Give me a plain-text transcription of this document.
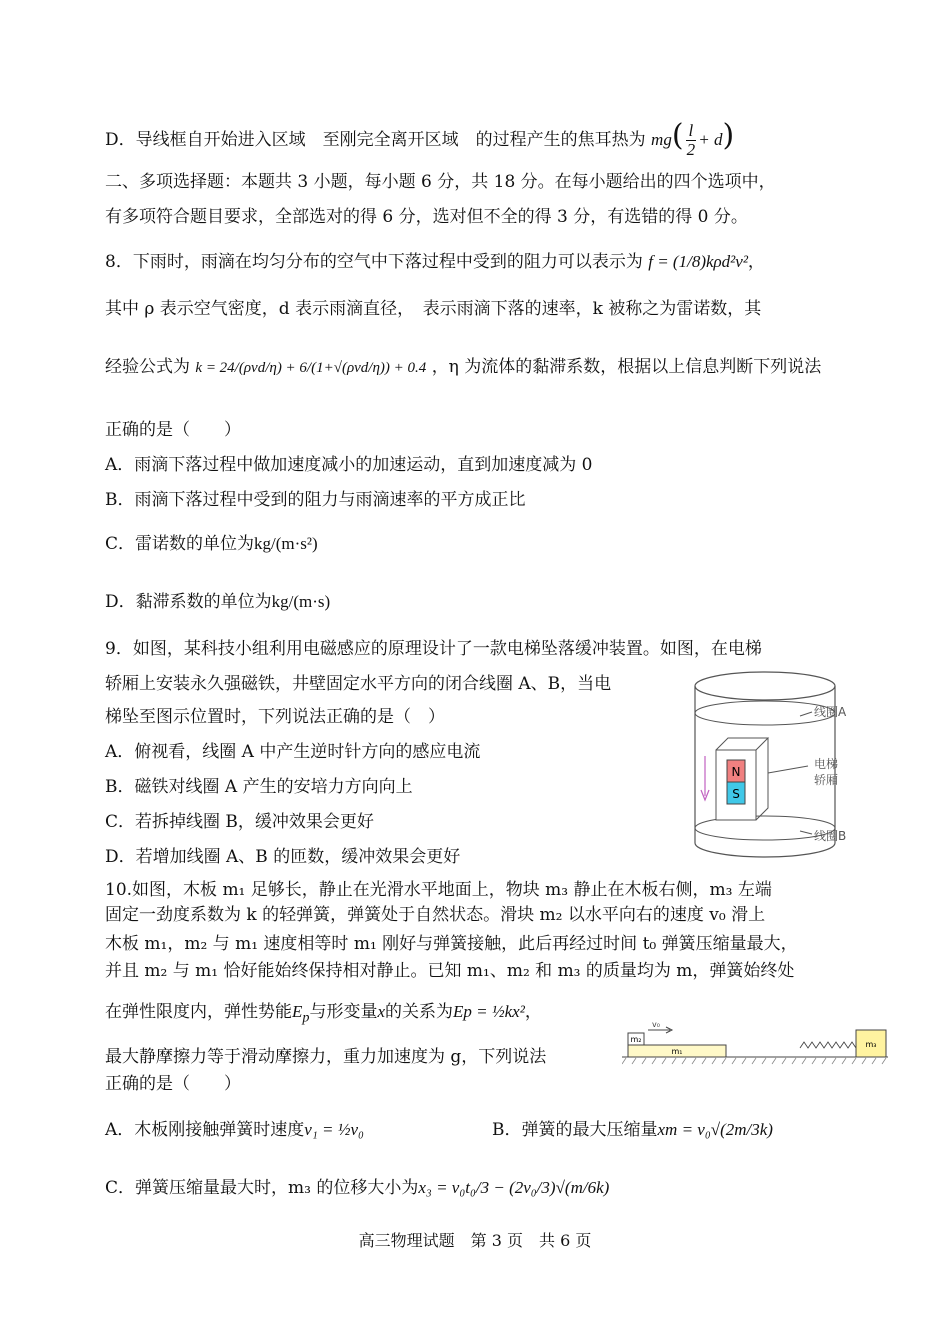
D．导线框自开始进入区域　至刚完全离开区域　的过程产生的焦耳热为 $mg( \frac{l}{2} + d)$
二、多项选择题：本题共 3 小题，每小题 6 分，共 18 分。在每小题给出的四个选项中，
有多项符合题目要求，全部选对的得 6 分，选对但不全的得 3 分，有选错的得 0 分。
8．下雨时，雨滴在均匀分布的空气中下落过程中受到的阻力可以表示为 f = (1/8)kρd²v²，
其中 ρ 表示空气密度，d 表示雨滴直径，　表示雨滴下落的速率，k 被称之为雷诺数，其
经验公式为 k = 24/(ρvd/η) + 6/(1+√(ρvd/η)) + 0.4 ，η 为流体的黏滞系数，根据以上信息判断下列说法
正确的是（　　）
A．雨滴下落过程中做加速度减小的加速运动，直到加速度减为 0
B．雨滴下落过程中受到的阻力与雨滴速率的平方成正比
C．雷诺数的单位为kg/(m·s²)
D．黏滞系数的单位为kg/(m·s)
9．如图，某科技小组利用电磁感应的原理设计了一款电梯坠落缓冲装置。如图，在电梯
轿厢上安装永久强磁铁，井壁固定水平方向的闭合线圈 A、B，当电
梯坠至图示位置时，下列说法正确的是（　）
A．俯视看，线圈 A 中产生逆时针方向的感应电流
B．磁铁对线圈 A 产生的安培力方向向上
C．若拆掉线圈 B，缓冲效果会更好
D．若增加线圈 A、B 的匝数，缓冲效果会更好
N
S
线圈A
电梯
轿厢
线圈B
10.如图，木板 m₁ 足够长，静止在光滑水平地面上，物块 m₃ 静止在木板右侧，m₃ 左端
固定一劲度系数为 k 的轻弹簧，弹簧处于自然状态。滑块 m₂ 以水平向右的速度 v₀ 滑上
木板 m₁，m₂ 与 m₁ 速度相等时 m₁ 刚好与弹簧接触，此后再经过时间 t₀ 弹簧压缩量最大，
并且 m₂ 与 m₁ 恰好能始终保持相对静止。已知 m₁、m₂ 和 m₃ 的质量均为 m，弹簧始终处
在弹性限度内，弹性势能$E_p$与形变量x的关系为Ep = ½kx²，
最大静摩擦力等于滑动摩擦力，重力加速度为 g，下列说法
正确的是（　　）
A．木板刚接触弹簧时速度v₁ = ½v₀	B．弹簧的最大压缩量xm = v₀√(2m/3k)
C．弹簧压缩量最大时，m₃ 的位移大小为x₃ = v₀t₀/3 − (2v₀/3)√(m/6k)
v₀
m₂
m₁
m₃
高三物理试题　第 3 页　共 6 页
